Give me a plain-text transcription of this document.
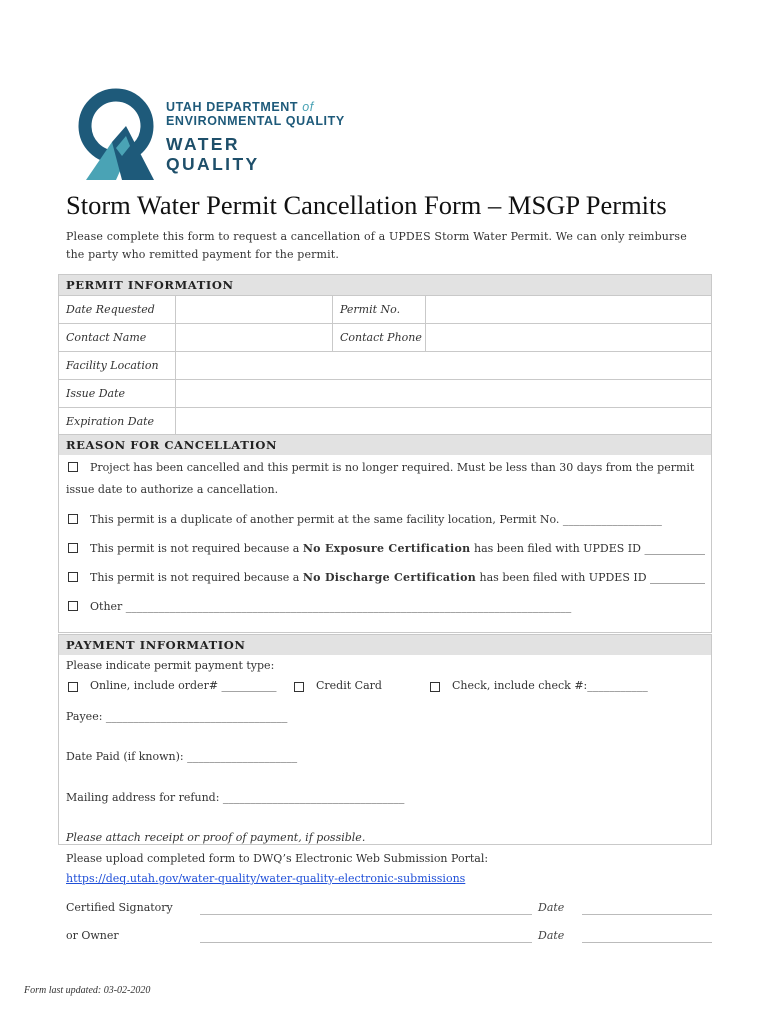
UTAH DEPARTMENT of
ENVIRONMENTAL QUALITY
WATER
QUALITY
Storm Water Permit Cancellation Form – MSGP Permits
Please complete this form to request a cancellation of a UPDES Storm Water Permit. We can only reimburse the party who remitted payment for the permit.
PERMIT INFORMATION
Date Requested	Permit No.
Contact Name	Contact Phone
Facility Location
Issue Date
Expiration Date
REASON FOR CANCELLATION
Project has been cancelled and this permit is no longer required. Must be less than 30 days from the permit
issue date to authorize a cancellation.
This permit is a duplicate of another permit at the same facility location, Permit No. __________________
This permit is not required because a No Exposure Certification has been filed with UPDES ID ___________
This permit is not required because a No Discharge Certification has been filed with UPDES ID __________
Other _________________________________________________________________________________
PAYMENT INFORMATION
Please indicate permit payment type:
Online, include order# __________	Credit Card	Check, include check #:___________
Payee: _________________________________
Date Paid (if known): ____________________
Mailing address for refund: _________________________________
Please attach receipt or proof of payment, if possible.
Please upload completed form to DWQ’s Electronic Web Submission Portal:
https://deq.utah.gov/water-quality/water-quality-electronic-submissions
Certified Signatory	Date
or Owner	Date
Form last updated: 03-02-2020
